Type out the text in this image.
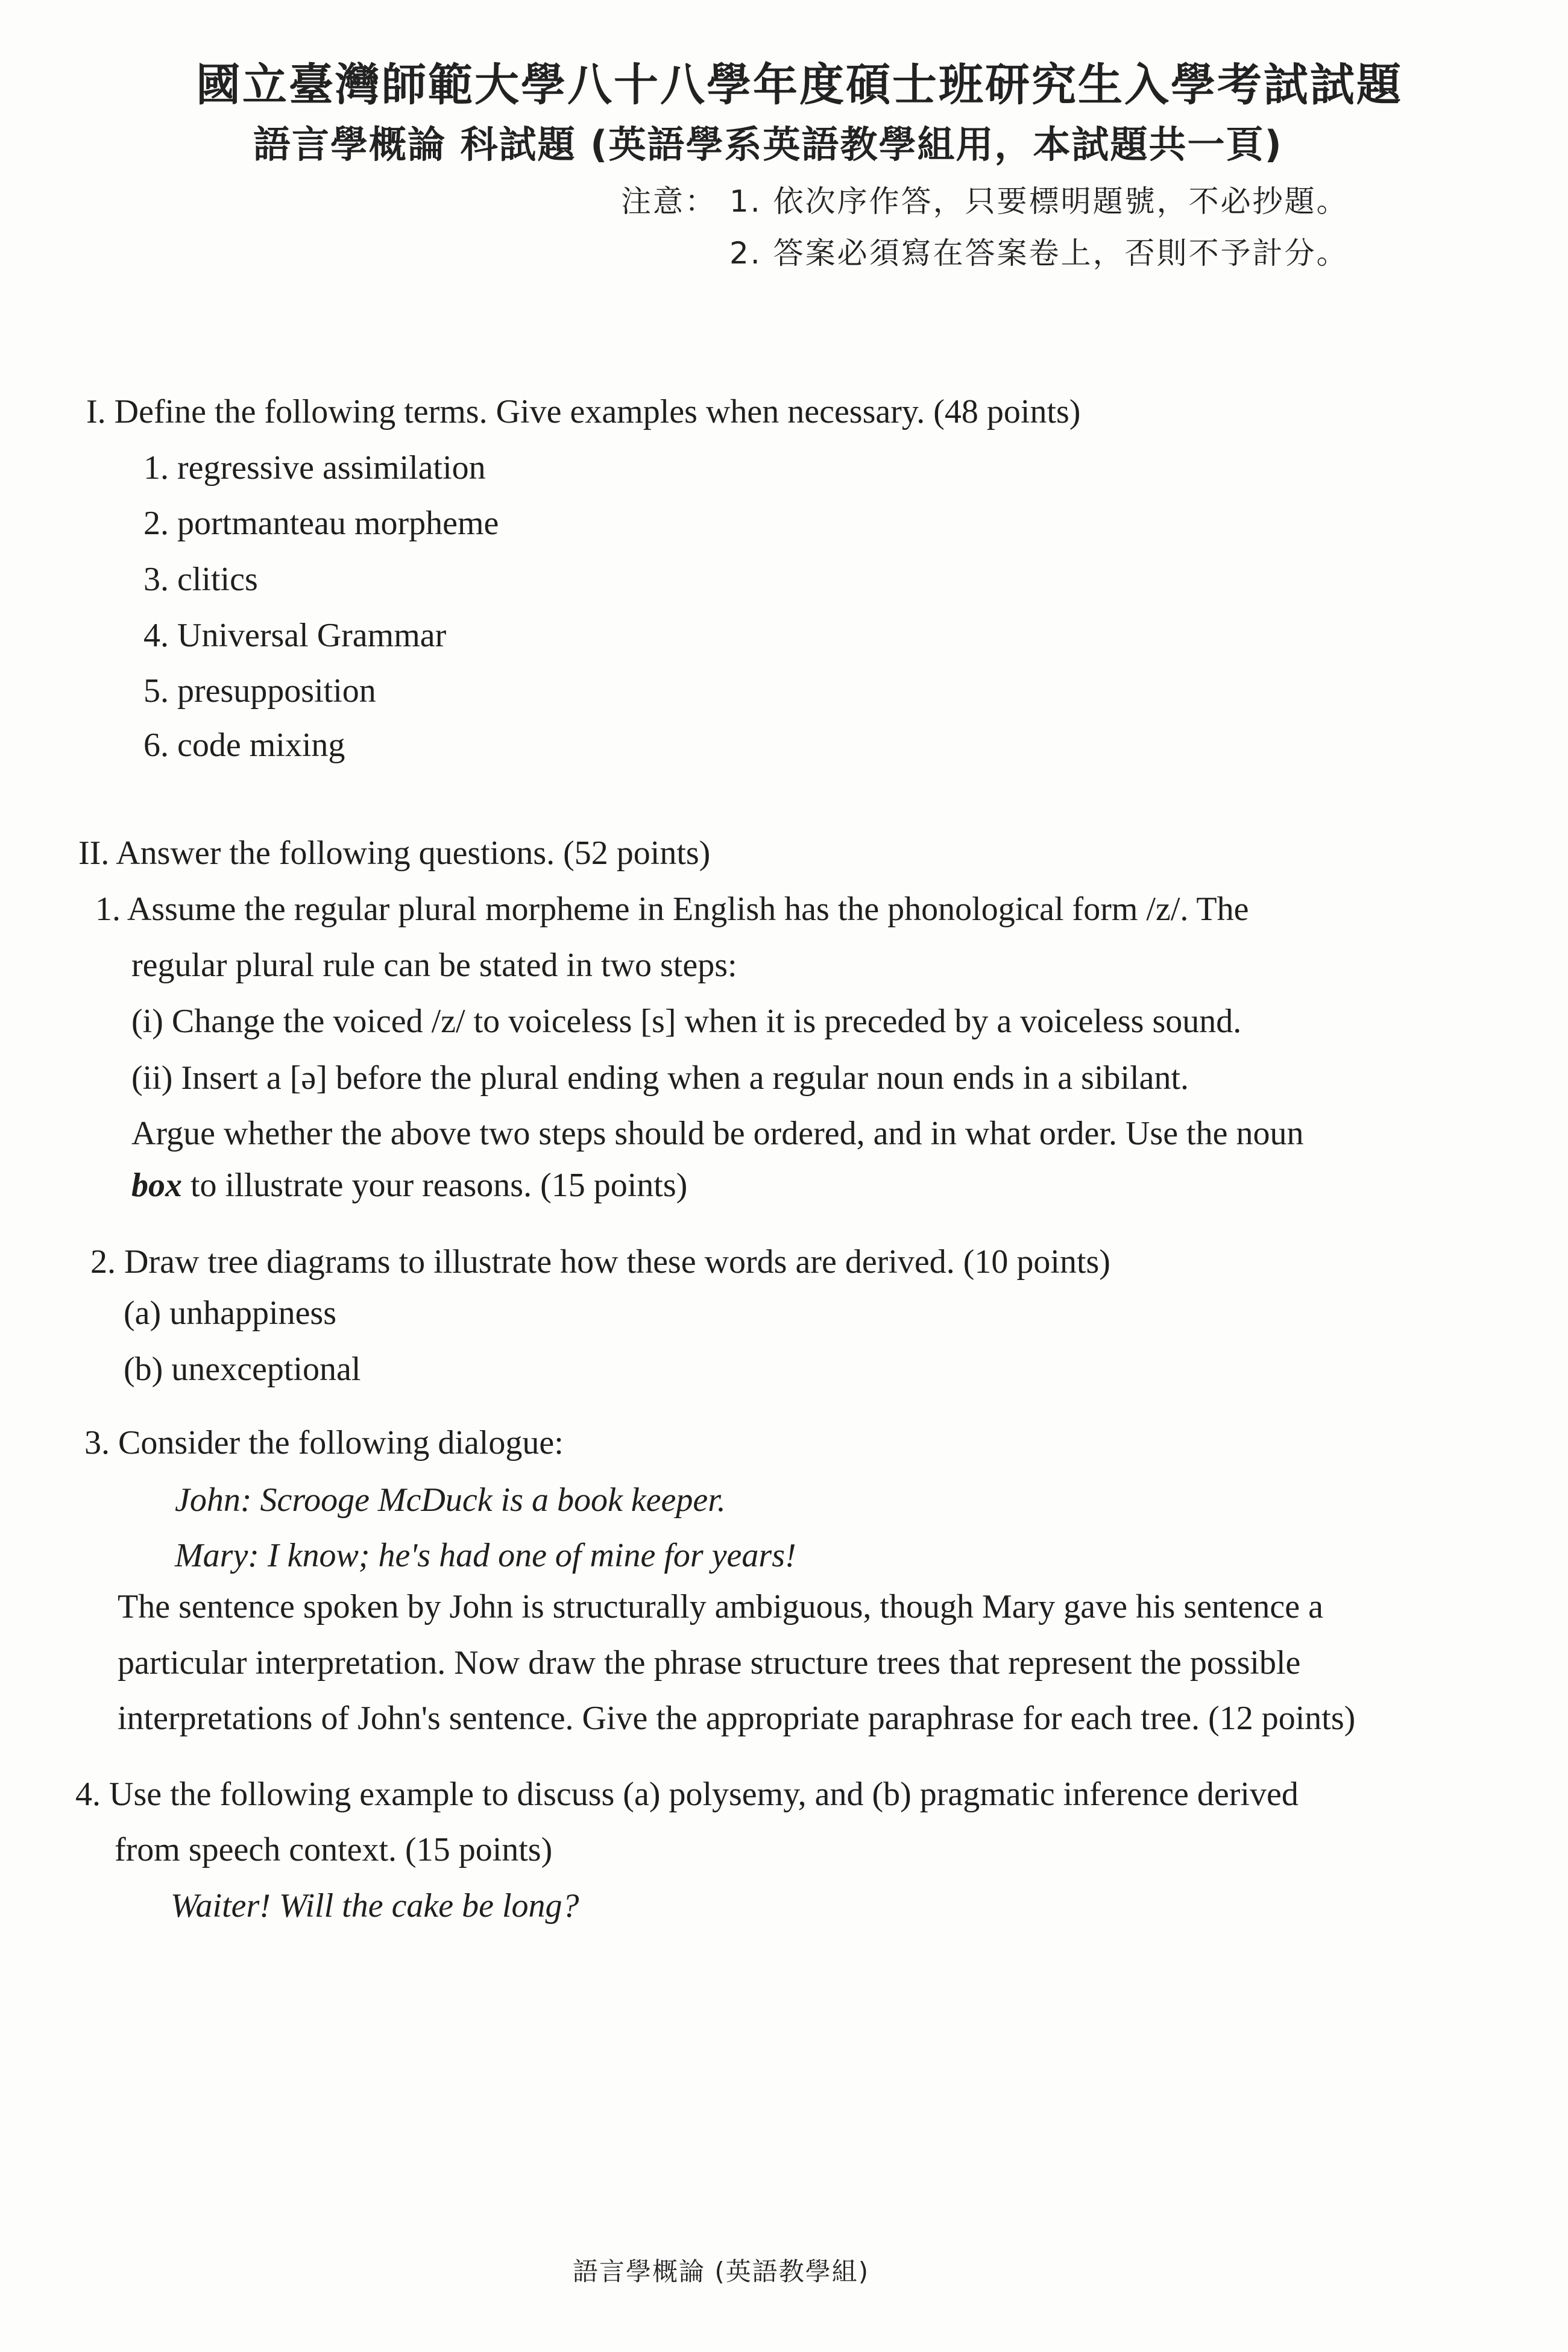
國立臺灣師範大學八十八學年度碩士班研究生入學考試試題
語言學概論 科試題 (英語學系英語教學組用，本試題共一頁)
注意： 1. 依次序作答，只要標明題號，不必抄題。
2. 答案必須寫在答案卷上，否則不予計分。
I. Define the following terms. Give examples when necessary. (48 points)
1. regressive assimilation
2. portmanteau morpheme
3. clitics
4. Universal Grammar
5. presupposition
6. code mixing
II. Answer the following questions. (52 points)
1. Assume the regular plural morpheme in English has the phonological form /z/. The
regular plural rule can be stated in two steps:
(i) Change the voiced /z/ to voiceless [s] when it is preceded by a voiceless sound.
(ii) Insert a [ə] before the plural ending when a regular noun ends in a sibilant.
Argue whether the above two steps should be ordered, and in what order. Use the noun
box to illustrate your reasons. (15 points)
2. Draw tree diagrams to illustrate how these words are derived. (10 points)
(a) unhappiness
(b) unexceptional
3. Consider the following dialogue:
John: Scrooge McDuck is a book keeper.
Mary: I know; he's had one of mine for years!
The sentence spoken by John is structurally ambiguous, though Mary gave his sentence a
particular interpretation. Now draw the phrase structure trees that represent the possible
interpretations of John's sentence. Give the appropriate paraphrase for each tree. (12 points)
4. Use the following example to discuss (a) polysemy, and (b) pragmatic inference derived
from speech context. (15 points)
Waiter! Will the cake be long?
語言學概論 (英語教學組)
